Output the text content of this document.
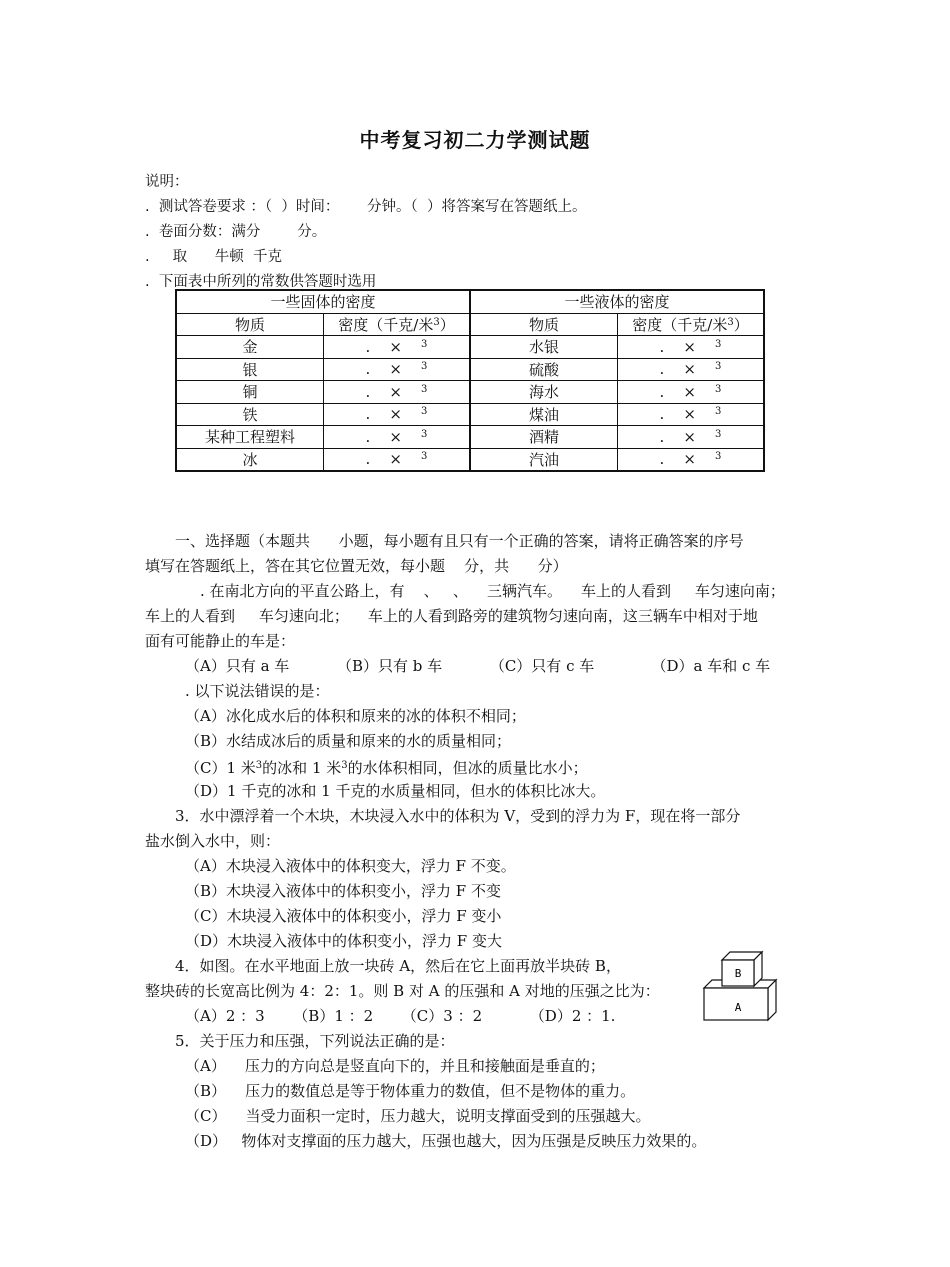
中考复习初二力学测试题
说明：
.  测试答卷要求 ：（  ）时间：      分钟。（  ）将答案写在答题纸上。
.  卷面分数：满分        分。
.     取      牛顿  千克
.  下面表中所列的常数供答题时选用
一些固体的密度		一些液体的密度	
物质	密度（千克/米$^3$）	物质	密度（千克/米$^3$）
金	.    × $^3$	水银	.    × $^3$
银	.    × $^3$	硫酸	.    × $^3$
铜	.    × $^3$	海水	.    × $^3$
铁	.    × $^3$	煤油	.    × $^3$
某种工程塑料	.    × $^3$	酒精	.    × $^3$
冰	.    × $^3$	汽油	.    × $^3$
一、选择题（本题共      小题，每小题有且只有一个正确的答案，请将正确答案的序号
填写在答题纸上，答在其它位置无效，每小题    分，共      分）
. 在南北方向的平直公路上，有    、   、    三辆汽车。    车上的人看到     车匀速向南；
车上的人看到     车匀速向北；    车上的人看到路旁的建筑物匀速向南，这三辆车中相对于地
面有可能静止的车是：
（A）只有 a 车          （B）只有 b 车          （C）只有 c 车            （D）a 车和 c 车
. 以下说法错误的是：
（A）冰化成水后的体积和原来的冰的体积不相同；
（B）水结成冰后的质量和原来的水的质量相同；
（C）1 米$^3$的冰和 1 米$^3$的水体积相同，但冰的质量比水小；
（D）1 千克的冰和 1 千克的水质量相同，但水的体积比冰大。
3．水中漂浮着一个木块，木块浸入水中的体积为 V，受到的浮力为 F，现在将一部分
盐水倒入水中，则：
（A）木块浸入液体中的体积变大，浮力 F 不变。
（B）木块浸入液体中的体积变小，浮力 F 不变
（C）木块浸入液体中的体积变小，浮力 F 变小
（D）木块浸入液体中的体积变小，浮力 F 变大
4．如图。在水平地面上放一块砖 A，然后在它上面再放半块砖 B，
整块砖的长宽高比例为 4：2：1。则 B 对 A 的压强和 A 对地的压强之比为：
（A）2 ：3      （B）1 ：2      （C）3 ：2          （D）2 ：1.
B
A
5．关于压力和压强，下列说法正确的是：
（A）    压力的方向总是竖直向下的，并且和接触面是垂直的；
（B）    压力的数值总是等于物体重力的数值，但不是物体的重力。
（C）    当受力面积一定时，压力越大，说明支撑面受到的压强越大。
（D）   物体对支撑面的压力越大，压强也越大，因为压强是反映压力效果的。
